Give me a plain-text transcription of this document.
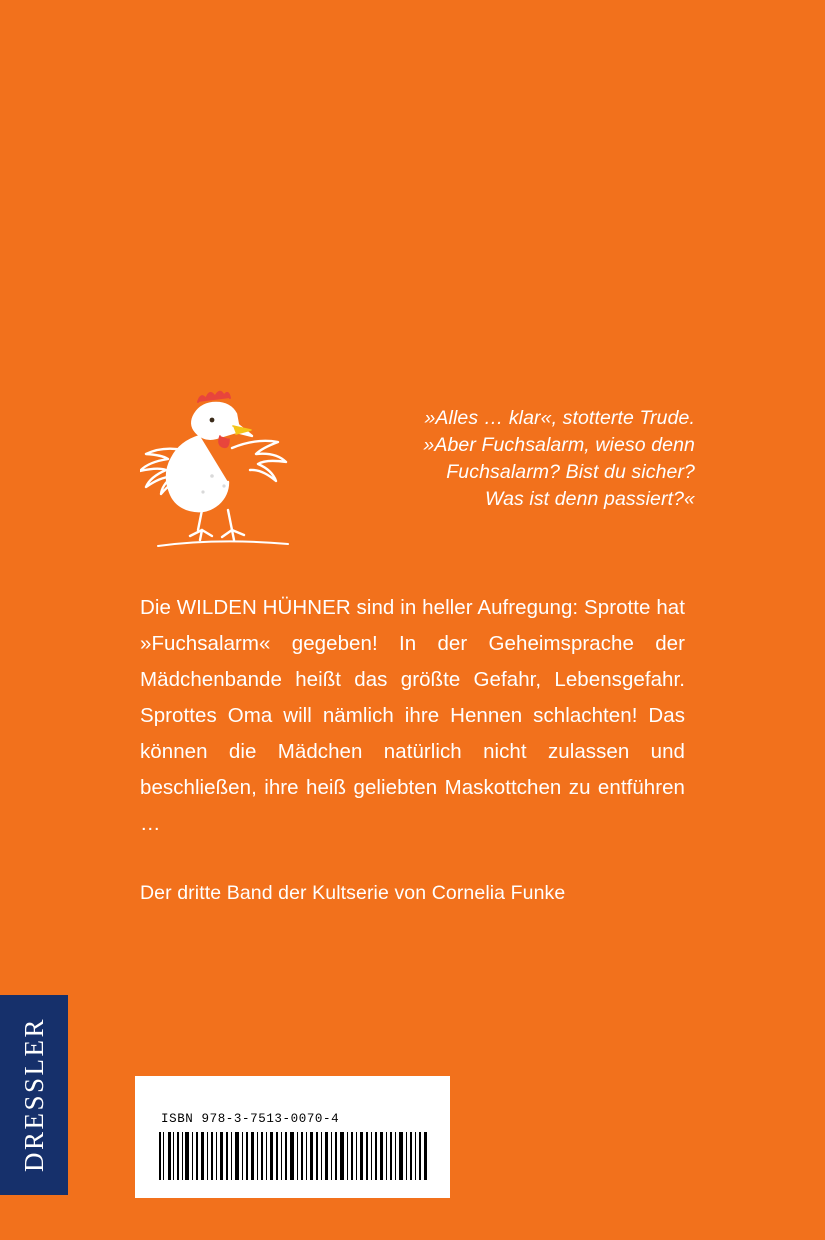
»Alles … klar«, stotterte Trude.
»Aber Fuchsalarm, wieso denn
Fuchsalarm? Bist du sicher?
Was ist denn passiert?«

Die WILDEN HÜHNER sind in heller Aufregung: Sprotte hat »Fuchsalarm« gegeben! In der Geheimsprache der Mädchenbande heißt das größte Gefahr, Lebensgefahr. Sprottes Oma will nämlich ihre Hennen schlachten! Das können die Mädchen natürlich nicht zulassen und beschließen, ihre heiß geliebten Maskottchen zu entführen …

Der dritte Band der Kultserie von Cornelia Funke
DRESSLER	ISBN 978-3-7513-0070-4
